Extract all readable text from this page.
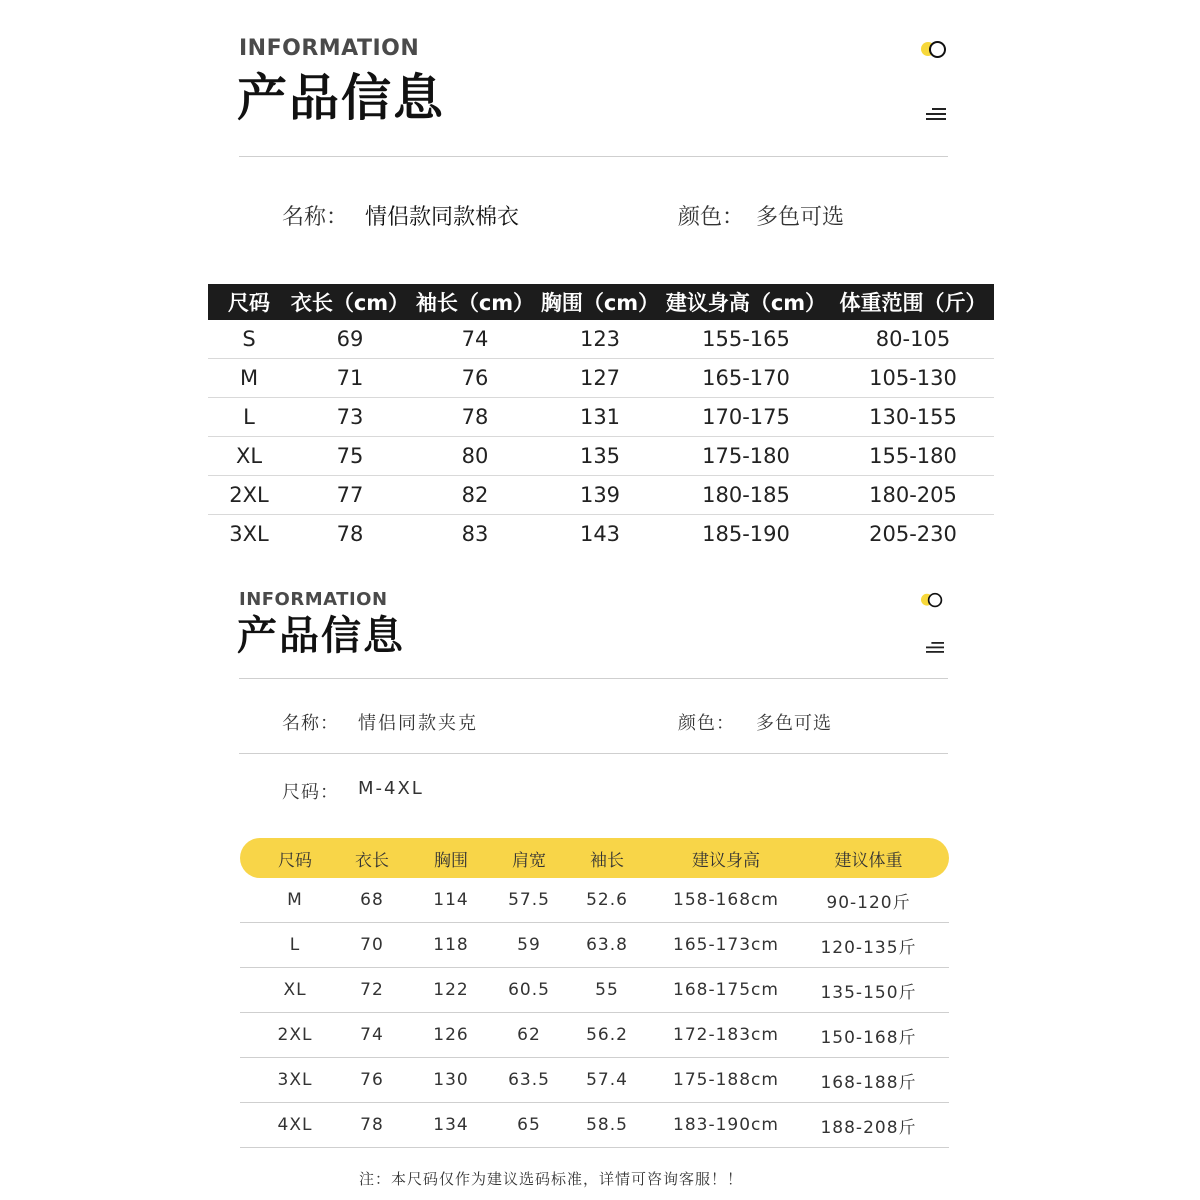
INFORMATION
产品信息
名称： 情侣款同款棉衣	颜色： 多色可选
尺码 衣长（cm） 袖长（cm） 胸围（cm） 建议身高（cm） 体重范围（斤）
S	69	74	123	155-165	80-105
M	71	76	127	165-170	105-130
L	73	78	131	170-175	130-155
XL	75	80	135	175-180	155-180
2XL	77	82	139	180-185	180-205
3XL	78	83	143	185-190	205-230
INFORMATION
产品信息
名称： 情侣同款夹克	颜色： 多色可选
尺码： M-4XL
尺码	衣长	胸围	肩宽	袖长	建议身高	建议体重
M	68	114	57.5	52.6	158-168cm	90-120斤
L	70	118	59	63.8	165-173cm	120-135斤
XL	72	122	60.5	55	168-175cm	135-150斤
2XL	74	126	62	56.2	172-183cm	150-168斤
3XL	76	130	63.5	57.4	175-188cm	168-188斤
4XL	78	134	65	58.5	183-190cm	188-208斤
注：本尺码仅作为建议选码标准，详情可咨询客服！！
